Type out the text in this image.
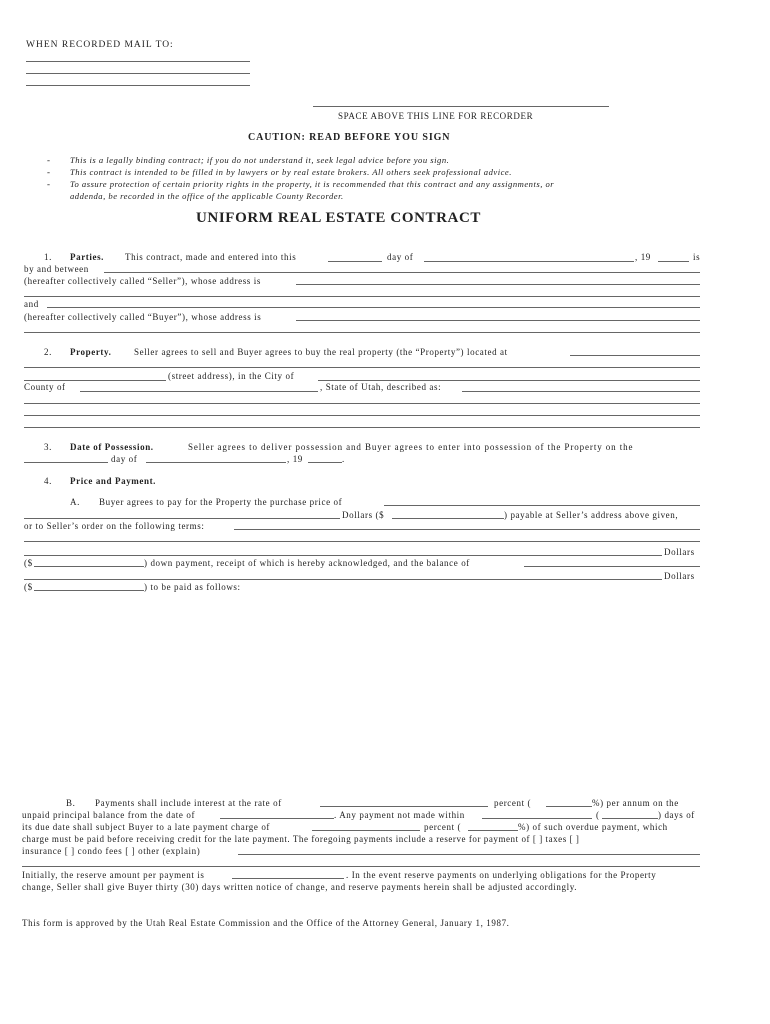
WHEN RECORDED MAIL TO:
SPACE ABOVE THIS LINE FOR RECORDER
CAUTION: READ BEFORE YOU SIGN
- This is a legally binding contract; if you do not understand it, seek legal advice before you sign.
- This contract is intended to be filled in by lawyers or by real estate brokers. All others seek professional advice.
- To assure protection of certain priority rights in the property, it is recommended that this contract and any assignments, or
addenda, be recorded in the office of the applicable County Recorder.
UNIFORM REAL ESTATE CONTRACT
1. Parties. This contract, made and entered into this	day of	, 19	is
by and between
(hereafter collectively called “Seller”), whose address is
and
(hereafter collectively called “Buyer”), whose address is
2. Property.	Seller agrees to sell and Buyer agrees to buy the real property (the “Property”) located at
(street address), in the City of
County of	, State of Utah, described as:
3. Date of Possession.	Seller agrees to deliver possession and Buyer agrees to enter into possession of the Property on the
day of	, 19	.
4. Price and Payment.
A. Buyer agrees to pay for the Property the purchase price of
Dollars ($	) payable at Seller’s address above given,
or to Seller’s order on the following terms:
Dollars
($	) down payment, receipt of which is hereby acknowledged, and the balance of
Dollars
($	) to be paid as follows:
B. Payments shall include interest at the rate of	percent (	%) per annum on the
unpaid principal balance from the date of	. Any payment not made within	(	) days of
its due date shall subject Buyer to a late payment charge of	percent (	%) of such overdue payment, which
charge must be paid before receiving credit for the late payment. The foregoing payments include a reserve for payment of [ ] taxes [ ]
insurance [ ] condo fees [ ] other (explain)
Initially, the reserve amount per payment is	. In the event reserve payments on underlying obligations for the Property
change, Seller shall give Buyer thirty (30) days written notice of change, and reserve payments herein shall be adjusted accordingly.
This form is approved by the Utah Real Estate Commission and the Office of the Attorney General, January 1, 1987.
